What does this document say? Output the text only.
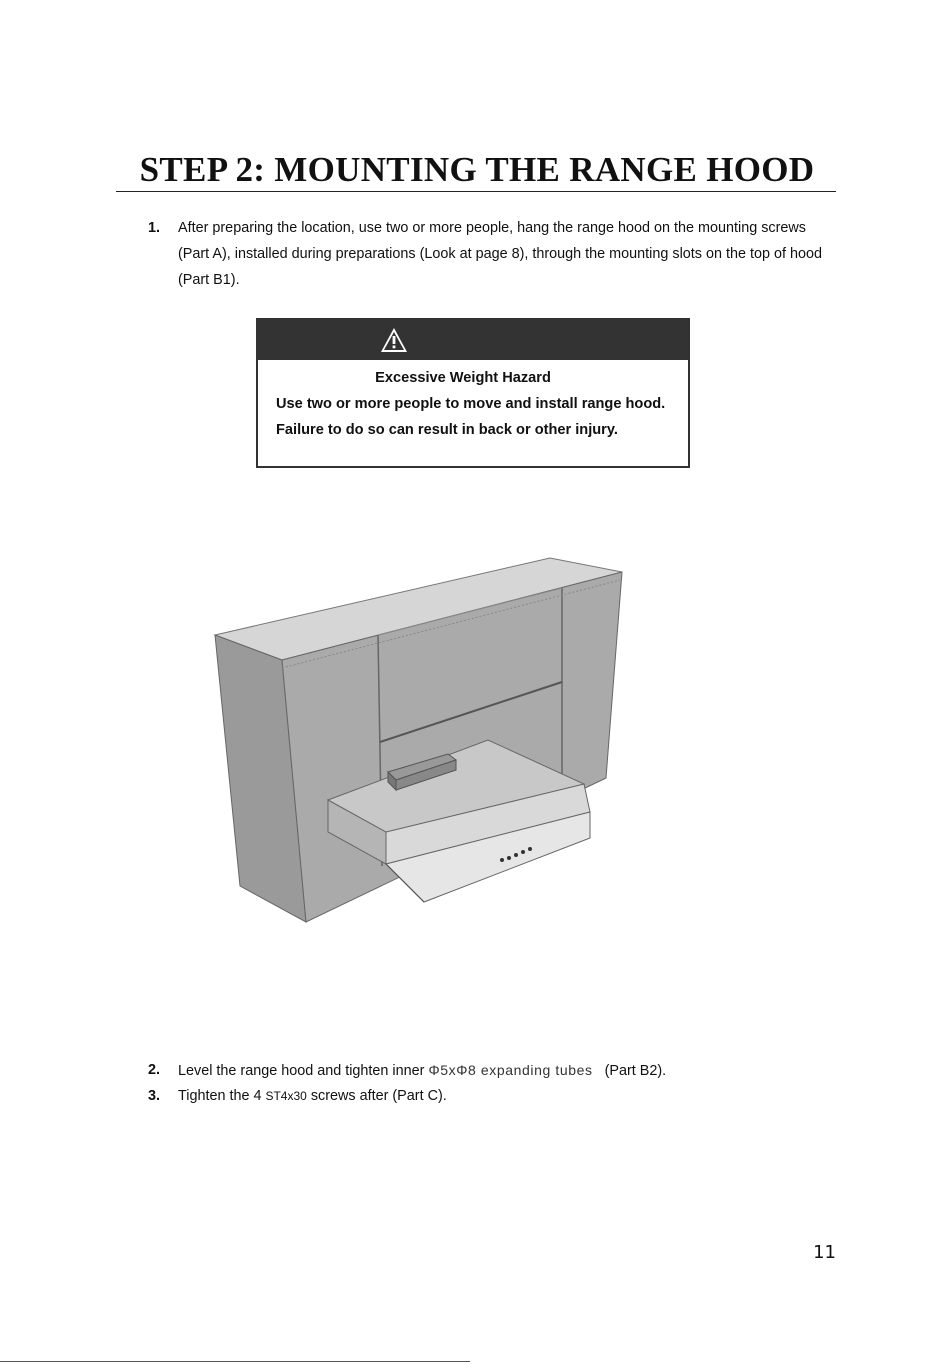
STEP 2: MOUNTING THE RANGE HOOD
1. After preparing the location, use two or more people, hang the range hood on the mounting screws (Part A), installed during preparations (Look at page 8), through the mounting slots on the top of hood (Part B1).
Excessive Weight Hazard
Use two or more people to move and install range hood.
Failure to do so can result in back or other injury.
2. Level the range hood and tighten inner Φ5xΦ8 expanding tubes   (Part B2).
3. Tighten the 4 ST4x30 screws after (Part C).
11
